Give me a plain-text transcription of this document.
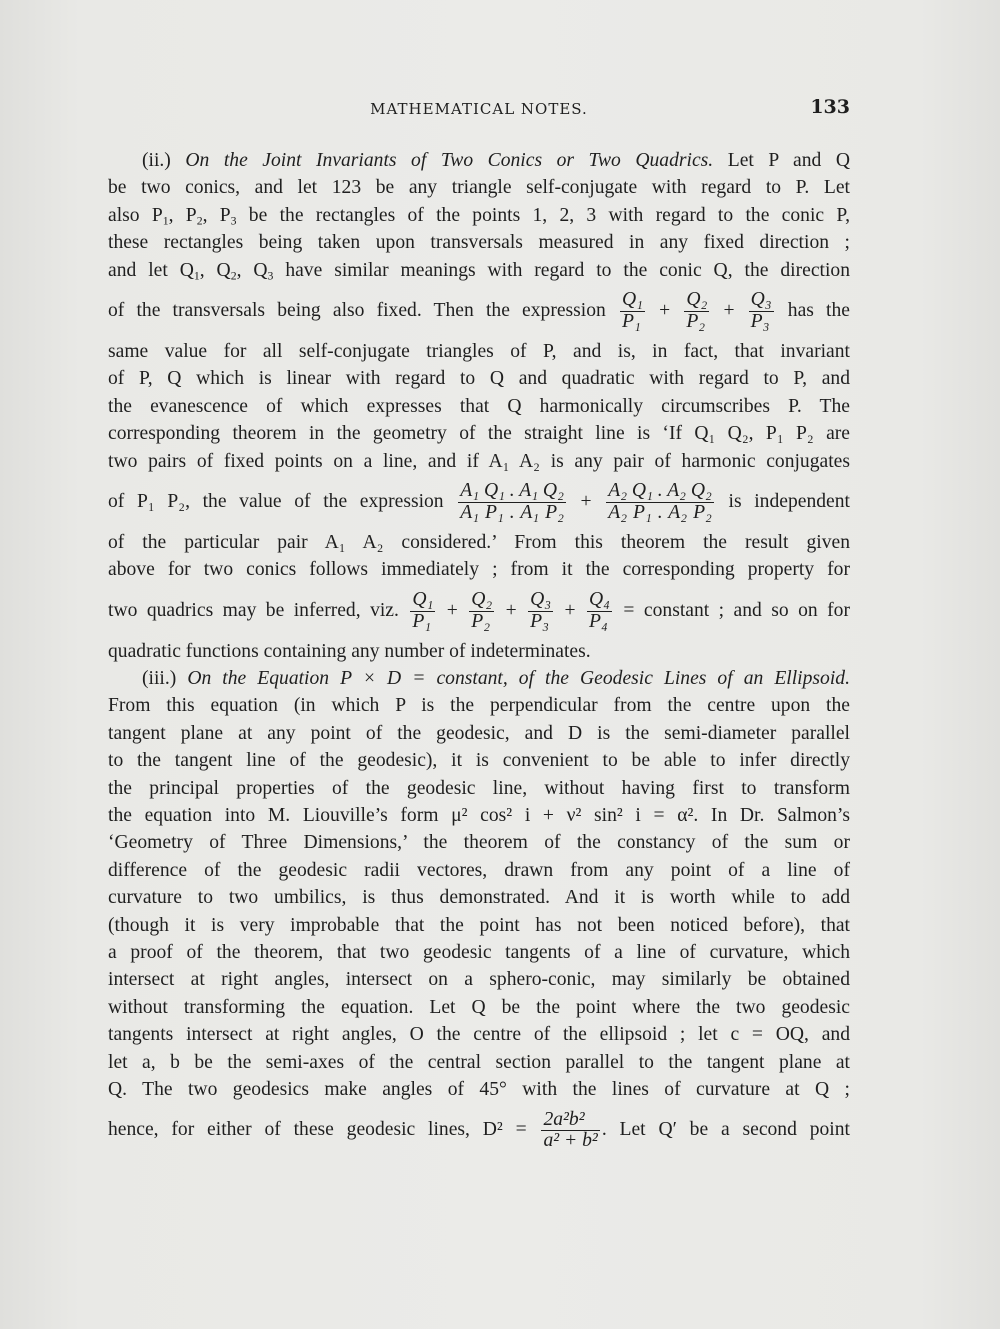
MATHEMATICAL NOTES.	133
(ii.) On the Joint Invariants of Two Conics or Two Quadrics. Let P and Q
be two conics, and let 123 be any triangle self-conjugate with regard to P. Let
also $P_1$, $P_2$, $P_3$ be the rectangles of the points 1, 2, 3 with regard to the conic P,
these rectangles being taken upon transversals measured in any fixed direction ;
and let $Q_1$, $Q_2$, $Q_3$ have similar meanings with regard to the conic Q, the direction
of the transversals being also fixed. Then the expression $\frac{\text{Q₁}}{\text{P₁}} + \frac{\text{Q₂}}{\text{P₂}} + \frac{\text{Q₃}}{\text{P₃}}$ has the
same value for all self-conjugate triangles of P, and is, in fact, that invariant
of P, Q which is linear with regard to Q and quadratic with regard to P, and
the evanescence of which expresses that Q harmonically circumscribes P. The
corresponding theorem in the geometry of the straight line is ‘If Q₁ Q₂, P₁ P₂ are
two pairs of fixed points on a line, and if A₁ A₂ is any pair of harmonic conjugates
of P₁ P₂, the value of the expression $\frac{\text{A₁ Q₁ . A₁ Q₂}}{\text{A₁ P₁ . A₁ P₂}} + \frac{\text{A₂ Q₁ . A₂ Q₂}}{\text{A₂ P₁ . A₂ P₂}}$ is independent
of the particular pair A₁ A₂ considered.’ From this theorem the result given
above for two conics follows immediately ; from it the corresponding property for
two quadrics may be inferred, viz. $\frac{\text{Q₁}}{\text{P₁}} + \frac{\text{Q₂}}{\text{P₂}} + \frac{\text{Q₃}}{\text{P₃}} + \frac{\text{Q₄}}{\text{P₄}}$ = constant ; and so on for
quadratic functions containing any number of indeterminates.
(iii.) On the Equation P × D = constant, of the Geodesic Lines of an Ellipsoid.
From this equation (in which P is the perpendicular from the centre upon the
tangent plane at any point of the geodesic, and D is the semi-diameter parallel
to the tangent line of the geodesic), it is convenient to be able to infer directly
the principal properties of the geodesic line, without having first to transform
the equation into M. Liouville’s form μ² cos² i + ν² sin² i = α². In Dr. Salmon’s
‘Geometry of Three Dimensions,’ the theorem of the constancy of the sum or
difference of the geodesic radii vectores, drawn from any point of a line of
curvature to two umbilics, is thus demonstrated. And it is worth while to add
(though it is very improbable that the point has not been noticed before), that
a proof of the theorem, that two geodesic tangents of a line of curvature, which
intersect at right angles, intersect on a sphero-conic, may similarly be obtained
without transforming the equation. Let Q be the point where the two geodesic
tangents intersect at right angles, O the centre of the ellipsoid ; let c = OQ, and
let a, b be the semi-axes of the central section parallel to the tangent plane at
Q. The two geodesics make angles of 45° with the lines of curvature at Q ;
hence, for either of these geodesic lines, $D^2 = \frac{\text{2a²b²}}{\text{a² + b²}}$ . Let Q′ be a second point
